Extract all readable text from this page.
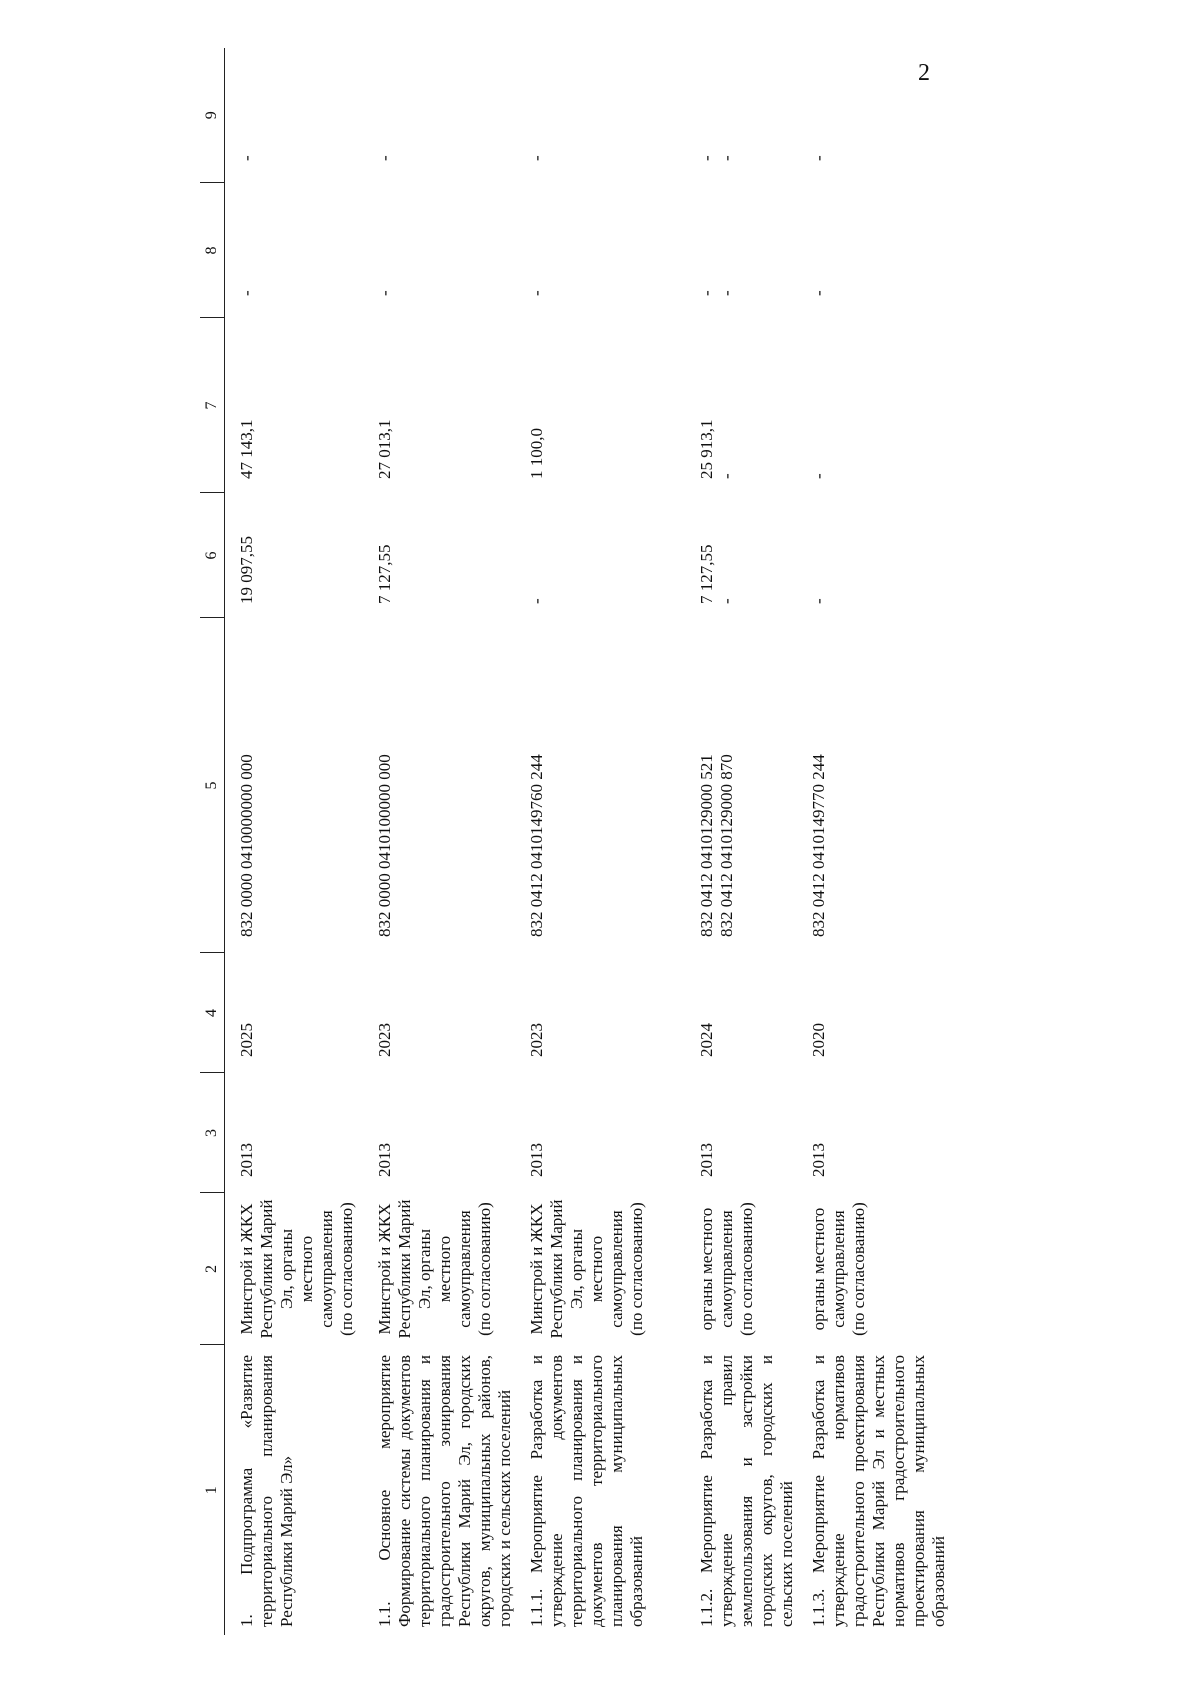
2
1	2	3	4	5	6	7	8	9
1. Подпрограмма «Развитие территориального планирования Республики Марий Эл»	Минстрой и ЖКХ Республики Марий Эл, органы местного самоуправления (по согласованию)	2013	2025	832 0000 0410000000 000	19 097,55	47 143,1	-	-

1.1. Основное мероприятие Формирование системы документов территориального планирования и градостроительного зонирования Республики Марий Эл, городских округов, муниципальных районов, городских и сельских поселений	Минстрой и ЖКХ Республики Марий Эл, органы местного самоуправления (по согласованию)	2013	2023	832 0000 0410100000 000	7 127,55	27 013,1	-	-

1.1.1. Мероприятие Разработка и утверждение документов территориального планирования и документов территориального планирования муниципальных образований	Минстрой и ЖКХ Республики Марий Эл, органы местного самоуправления (по согласованию)	2013	2023	832 0412 0410149760 244	-	1 100,0	-	-

1.1.2. Мероприятие Разработка и утверждение правил землепользования и застройки городских округов, городских и сельских поселений	органы местного самоуправления (по согласованию)	2013	2024	832 0412 0410129000 521 832 0412 0410129000 870	7 127,55 -	25 913,1 -	- -	- -

1.1.3. Мероприятие Разработка и утверждение нормативов градостроительного проектирования Республики Марий Эл и местных нормативов градостроительного проектирования муниципальных образований	органы местного самоуправления (по согласованию)	2013	2020	832 0412 0410149770 244	-	-	-	-
